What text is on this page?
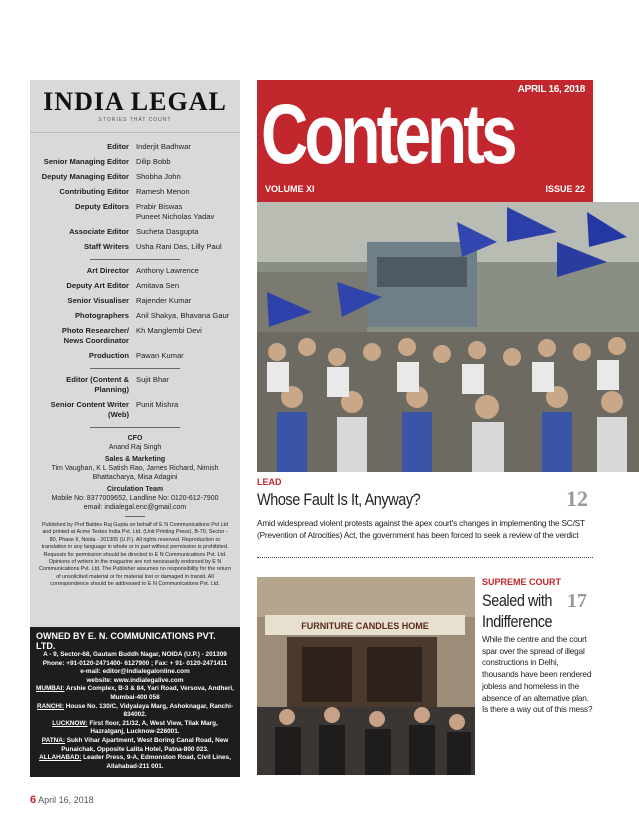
INDIA LEGAL
STORIES THAT COUNT
Editor Inderjit Badhwar
Senior Managing Editor Dilip Bobb
Deputy Managing Editor Shobha John
Contributing Editor Ramesh Menon
Deputy Editors Prabir Biswas
Puneet Nicholas Yadav
Associate Editor Sucheta Dasgupta
Staff Writers Usha Rani Das, Lilly Paul
Art Director Anthony Lawrence
Deputy Art Editor Amitava Sen
Senior Visualiser Rajender Kumar
Photographers Anil Shakya, Bhavana Gaur
Photo Researcher/
News Coordinator
Kh Manglembi Devi
Production Pawan Kumar
Editor (Content & Planning)
Sujit Bhar
Senior Content Writer
(Web)
Punit Mishra
CFO
Anand Raj Singh
Sales & Marketing
Tim Vaughan, K L Satish Rao, James Richard, Nimish Bhattacharya, Misa Adagini
Circulation Team
Mobile No: 8377009652, Landline No: 0120-612-7900
email: indialegal.enc@gmail.com
Published by Prof Baldev Raj Gupta on behalf of E N Communications Pvt Ltd and printed at Acme Textes India Pvt. Ltd. (Unit Printing Press), B-70, Sector - 80, Phase II, Noida - 201305 (U.P.). All rights reserved. Reproduction or translation in any language in whole or in part without permission is prohibited. Requests for permission should be directed to E N Communications Pvt. Ltd. Opinions of writers in the magazine are not necessarily endorsed by E N Communications Pvt. Ltd. The Publisher assumes no responsibility for the return of unsolicited material or for material lost or damaged in transit. All correspondence should be addressed to E N Communications Pvt. Ltd.
OWNED BY E. N. COMMUNICATIONS PVT. LTD.

A - 9, Sector-68, Gautam Buddh Nagar, NOIDA (U.P.) - 201309

Phone: +91-0120-2471400- 6127900 ; Fax: + 91- 0120-2471411

e-mail: editor@indialegalonline.com

website: www.indialegalive.com

MUMBAI: Arshie Complex, B-3 & 84, Yari Road, Versova, Andheri, Mumbai-400 058

RANCHI: House No. 130/C, Vidyalaya Marg, Ashoknagar, Ranchi-834002.

LUCKNOW: First floor, 21/32, A, West View, Tilak Marg, Hazratganj, Lucknow-226001.

PATNA: Sukh Vihar Apartment, West Boring Canal Road, New Punaichak, Opposite Lalita Hotel, Patna-800 023.

ALLAHABAD: Leader Press, 9-A, Edmonston Road, Civil Lines, Allahabad-211 001.

APRIL 16, 2018
Contents
VOLUME XI	ISSUE 22
LEAD
Whose Fault Is It, Anyway?	12
Amid widespread violent protests against the apex court's changes in implementing the SC/ST (Prevention of Atrocities) Act, the government has been forced to seek a review of the verdict
FURNITURE CANDLES HOME
SUPREME COURT
Sealed with
Indifference
17
While the centre and the court spar over the spread of illegal constructions in Delhi, thousands have been rendered jobless and homeless in the absence of an alternative plan. Is there a way out of this mess?
6 April 16, 2018
